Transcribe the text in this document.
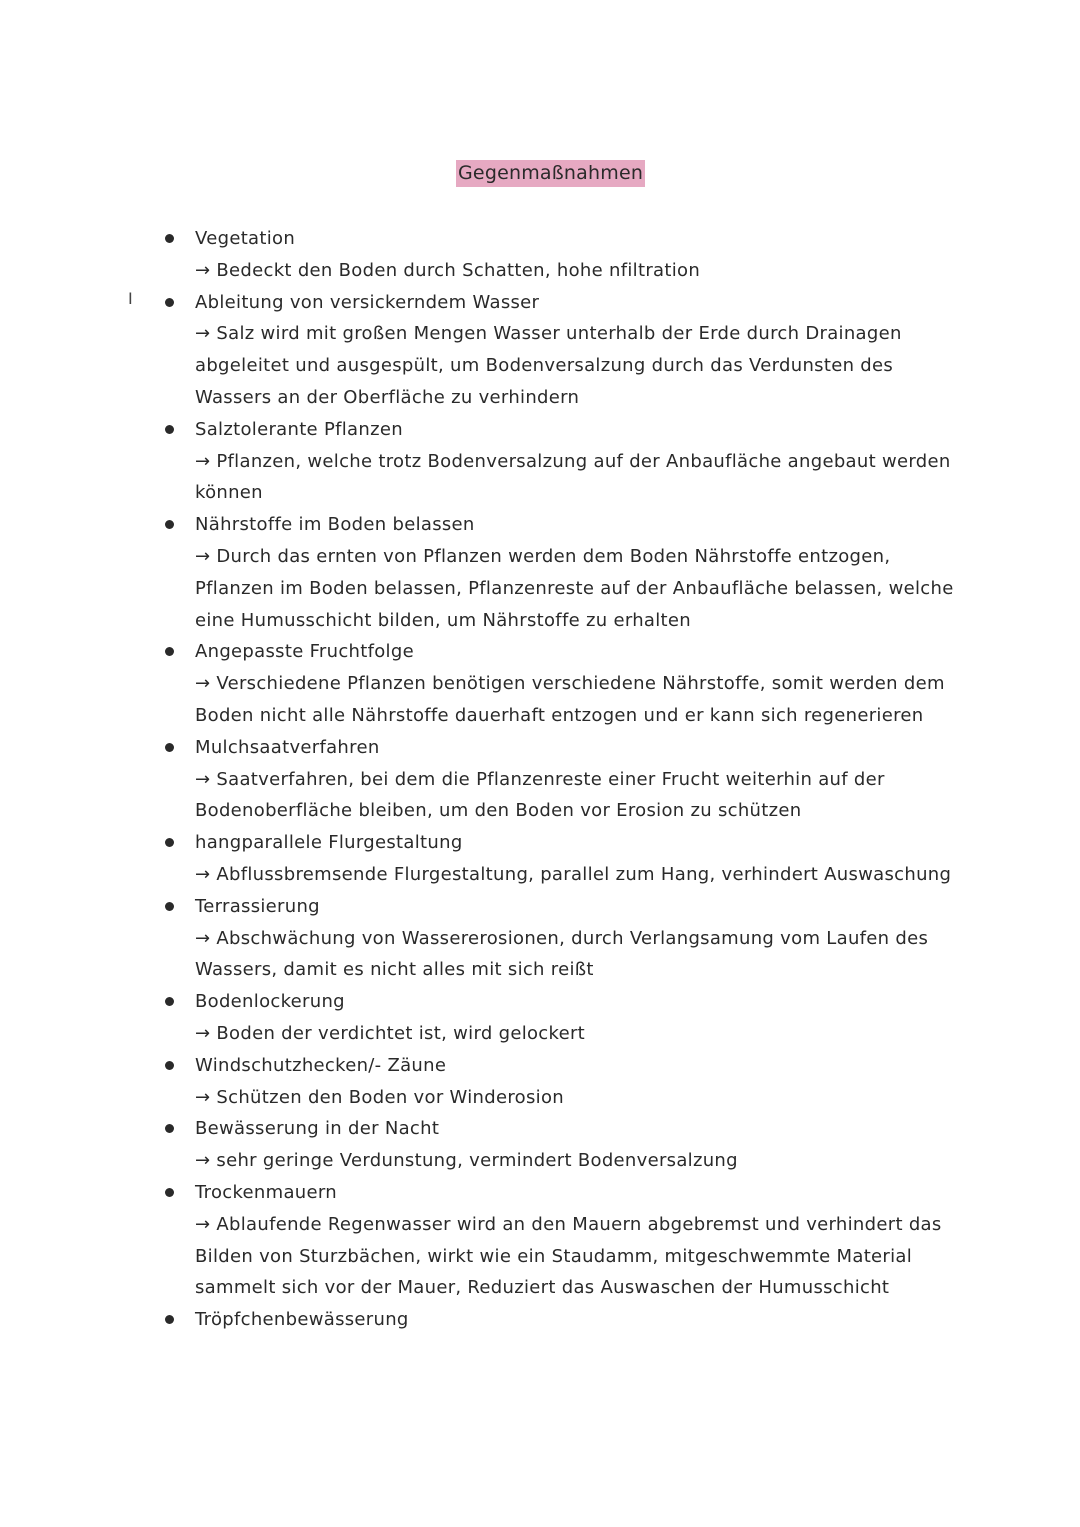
Gegenmaßnahmen
I
Vegetation
→ Bedeckt den Boden durch Schatten, hohe nfiltration
Ableitung von versickerndem Wasser
→ Salz wird mit großen Mengen Wasser unterhalb der Erde durch Drainagen abgeleitet und ausgespült, um Bodenversalzung durch das Verdunsten des Wassers an der Oberfläche zu verhindern
Salztolerante Pflanzen
→ Pflanzen, welche trotz Bodenversalzung auf der Anbaufläche angebaut werden können
Nährstoffe im Boden belassen
→ Durch das ernten von Pflanzen werden dem Boden Nährstoffe entzogen, Pflanzen im Boden belassen, Pflanzenreste auf der Anbaufläche belassen, welche eine Humusschicht bilden, um Nährstoffe zu erhalten
Angepasste Fruchtfolge
→ Verschiedene Pflanzen benötigen verschiedene Nährstoffe, somit werden dem Boden nicht alle Nährstoffe dauerhaft entzogen und er kann sich regenerieren
Mulchsaatverfahren
→ Saatverfahren, bei dem die Pflanzenreste einer Frucht weiterhin auf der Bodenoberfläche bleiben, um den Boden vor Erosion zu schützen
hangparallele Flurgestaltung
→ Abflussbremsende Flurgestaltung, parallel zum Hang, verhindert Auswaschung
Terrassierung
→ Abschwächung von Wassererosionen, durch Verlangsamung vom Laufen des Wassers, damit es nicht alles mit sich reißt
Bodenlockerung
→ Boden der verdichtet ist, wird gelockert
Windschutzhecken/- Zäune
→ Schützen den Boden vor Winderosion
Bewässerung in der Nacht
→ sehr geringe Verdunstung, vermindert Bodenversalzung
Trockenmauern
→ Ablaufende Regenwasser wird an den Mauern abgebremst und verhindert das Bilden von Sturzbächen, wirkt wie ein Staudamm, mitgeschwemmte Material sammelt sich vor der Mauer, Reduziert das Auswaschen der Humusschicht
Tröpfchenbewässerung
